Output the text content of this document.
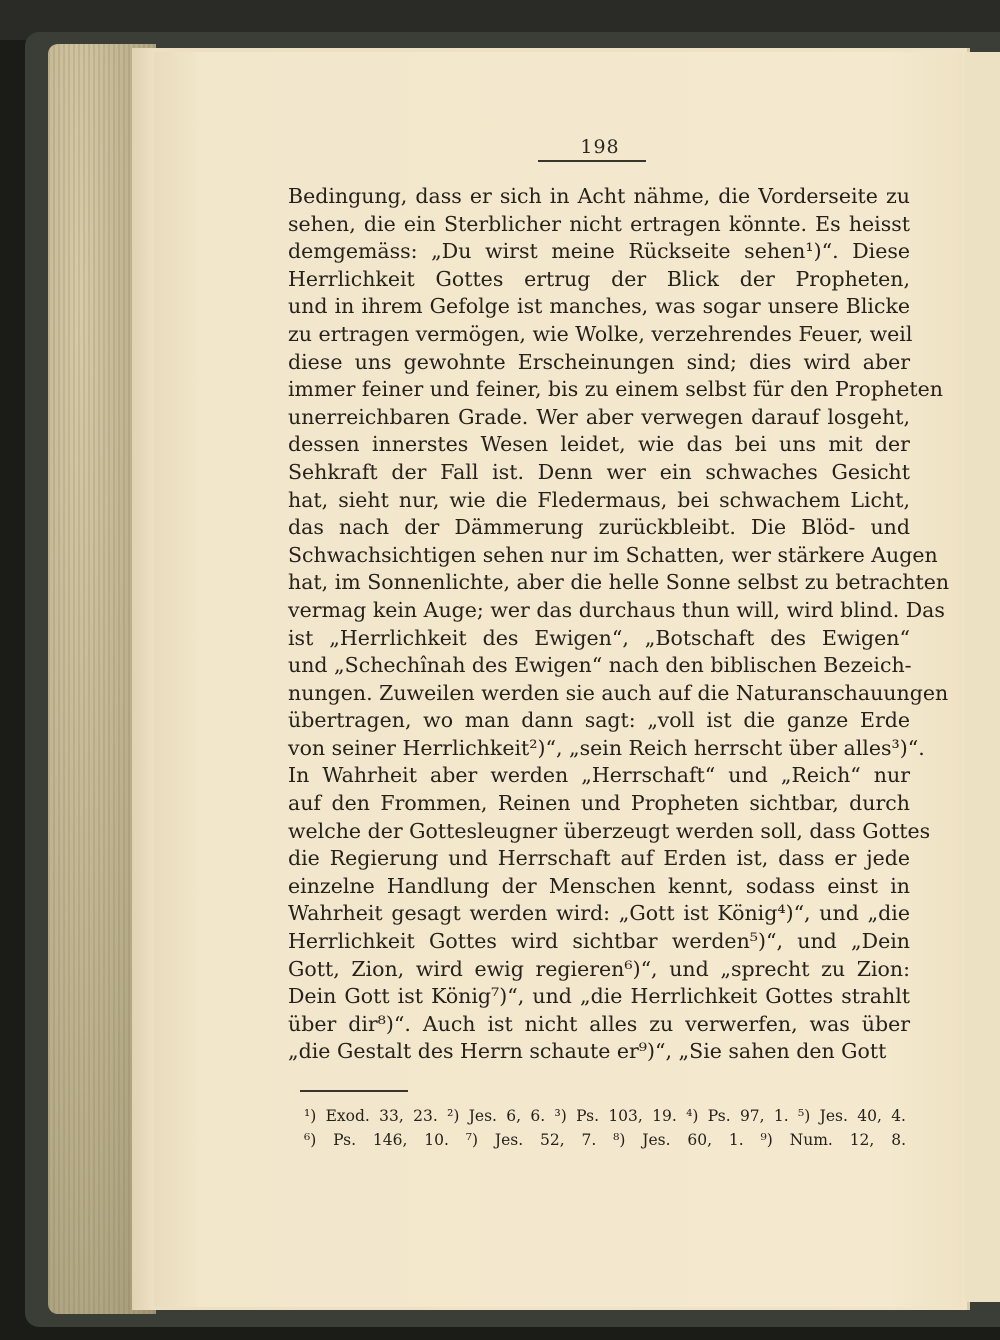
198
Bedingung, dass er sich in Acht nähme, die Vorderseite zu
sehen, die ein Sterblicher nicht ertragen könnte. Es heisst
demgemäss: „Du wirst meine Rückseite sehen¹)“. Diese
Herrlichkeit Gottes ertrug der Blick der Propheten,
und in ihrem Gefolge ist manches, was sogar unsere Blicke
zu ertragen vermögen, wie Wolke, verzehrendes Feuer, weil
diese uns gewohnte Erscheinungen sind; dies wird aber
immer feiner und feiner, bis zu einem selbst für den Propheten
unerreichbaren Grade. Wer aber verwegen darauf losgeht,
dessen innerstes Wesen leidet, wie das bei uns mit der
Sehkraft der Fall ist. Denn wer ein schwaches Gesicht
hat, sieht nur, wie die Fledermaus, bei schwachem Licht,
das nach der Dämmerung zurückbleibt. Die Blöd- und
Schwachsichtigen sehen nur im Schatten, wer stärkere Augen
hat, im Sonnenlichte, aber die helle Sonne selbst zu betrachten
vermag kein Auge; wer das durchaus thun will, wird blind. Das
ist „Herrlichkeit des Ewigen“, „Botschaft des Ewigen“
und „Schechînah des Ewigen“ nach den biblischen Bezeich-
nungen. Zuweilen werden sie auch auf die Naturanschauungen
übertragen, wo man dann sagt: „voll ist die ganze Erde
von seiner Herrlichkeit²)“, „sein Reich herrscht über alles³)“.
In Wahrheit aber werden „Herrschaft“ und „Reich“ nur
auf den Frommen, Reinen und Propheten sichtbar, durch
welche der Gottesleugner überzeugt werden soll, dass Gottes
die Regierung und Herrschaft auf Erden ist, dass er jede
einzelne Handlung der Menschen kennt, sodass einst in
Wahrheit gesagt werden wird: „Gott ist König⁴)“, und „die
Herrlichkeit Gottes wird sichtbar werden⁵)“, und „Dein
Gott, Zion, wird ewig regieren⁶)“, und „sprecht zu Zion:
Dein Gott ist König⁷)“, und „die Herrlichkeit Gottes strahlt
über dir⁸)“. Auch ist nicht alles zu verwerfen, was über
„die Gestalt des Herrn schaute er⁹)“, „Sie sahen den Gott
¹) Exod. 33, 23. ²) Jes. 6, 6. ³) Ps. 103, 19. ⁴) Ps. 97, 1. ⁵) Jes. 40, 4.
⁶) Ps. 146, 10. ⁷) Jes. 52, 7. ⁸) Jes. 60, 1. ⁹) Num. 12, 8.
